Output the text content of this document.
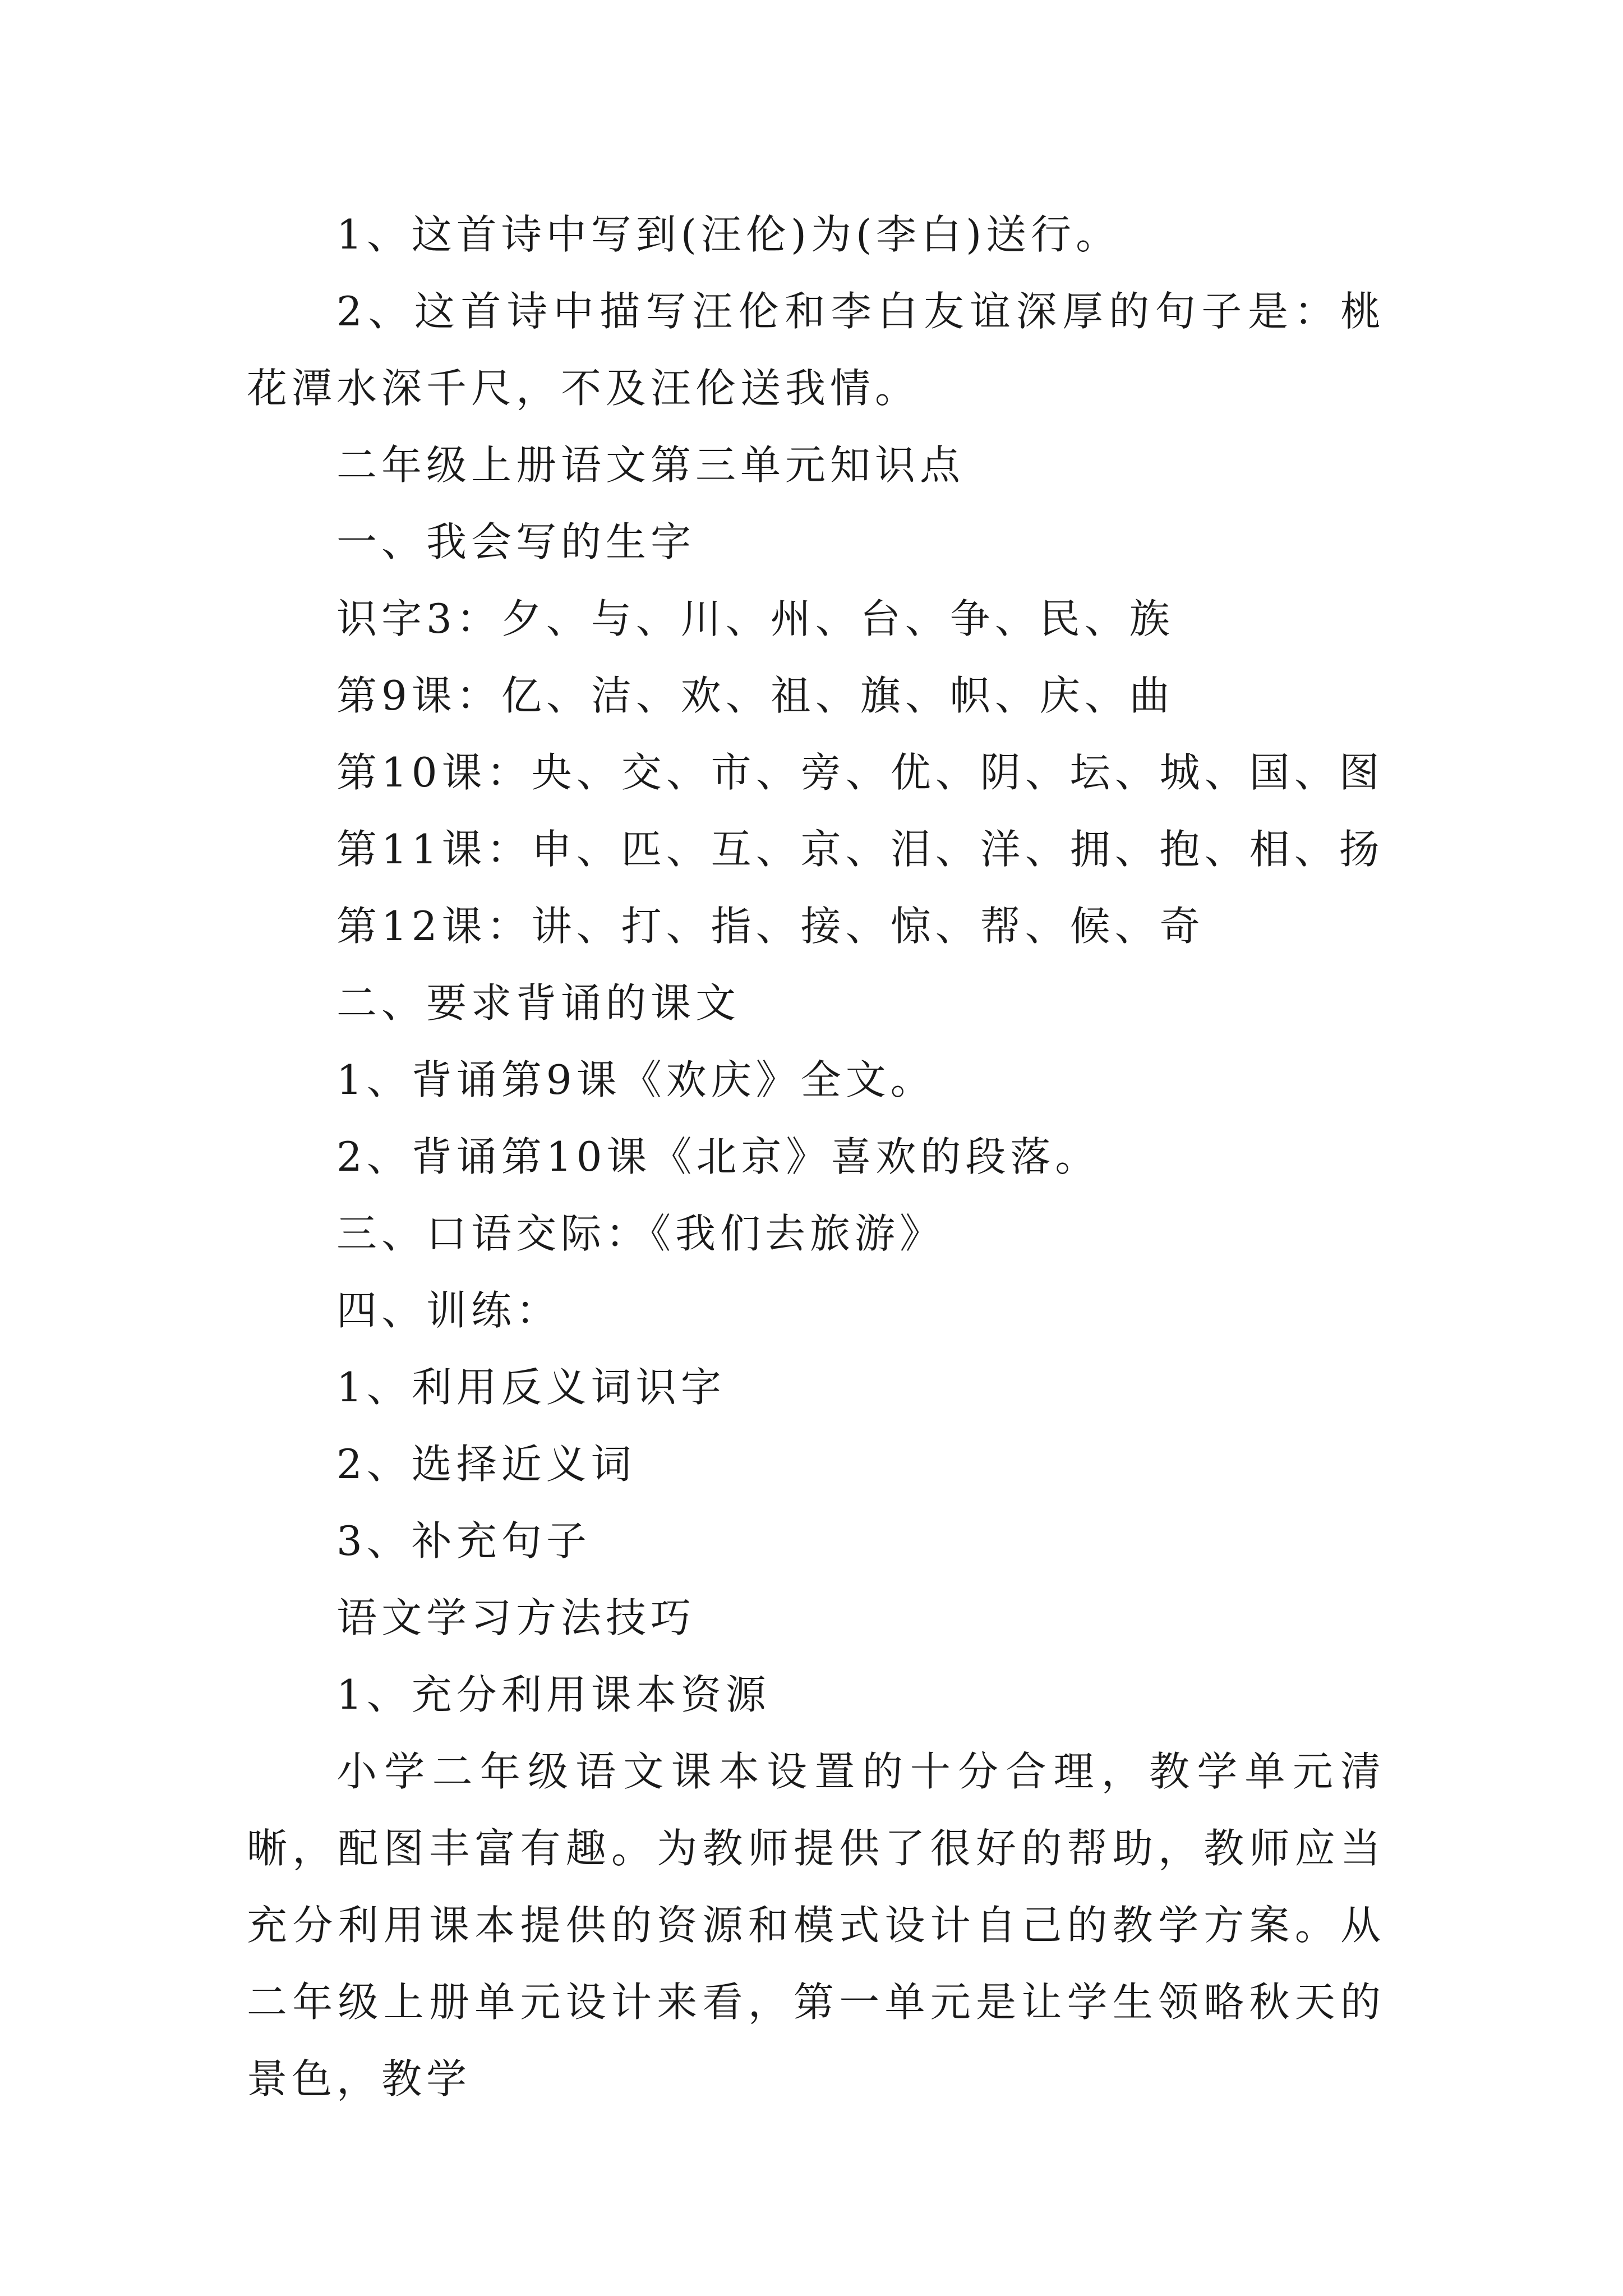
1、这首诗中写到(汪伦)为(李白)送行。

2、这首诗中描写汪伦和李白友谊深厚的句子是：桃花潭水深千尺，不及汪伦送我情。

二年级上册语文第三单元知识点

一、我会写的生字

识字3：夕、与、川、州、台、争、民、族

第9课：亿、洁、欢、祖、旗、帜、庆、曲

第10课：央、交、市、旁、优、阴、坛、城、国、图

第11课：申、匹、互、京、泪、洋、拥、抱、相、扬

第12课：讲、打、指、接、惊、帮、候、奇

二、要求背诵的课文

1、背诵第9课《欢庆》全文。

2、背诵第10课《北京》喜欢的段落。

三、口语交际：《我们去旅游》

四、训练：

1、利用反义词识字

2、选择近义词

3、补充句子

语文学习方法技巧

1、充分利用课本资源

小学二年级语文课本设置的十分合理，教学单元清晰，配图丰富有趣。为教师提供了很好的帮助，教师应当充分利用课本提供的资源和模式设计自己的教学方案。从二年级上册单元设计来看，第一单元是让学生领略秋天的景色，教学
